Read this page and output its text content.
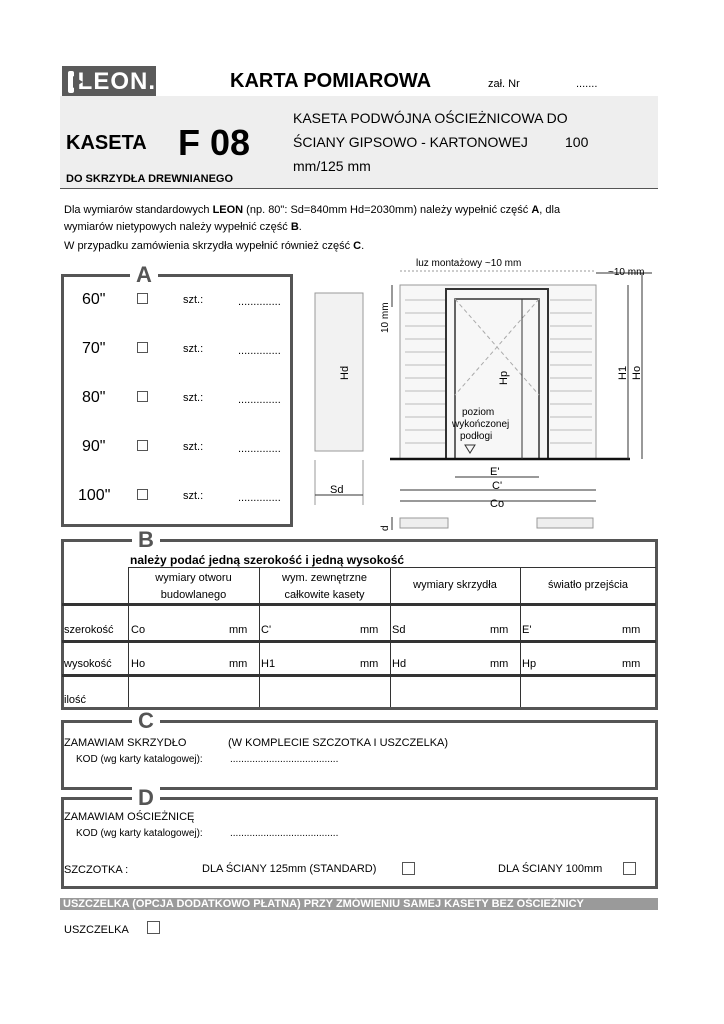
LEON.	KARTA POMIAROWA	zał. Nr	.......
KASETA F 08
DO SKRZYDŁA DREWNIANEGO
KASETA PODWÓJNA OŚCIEŻNICOWA DO
ŚCIANY GIPSOWO - KARTONOWEJ	100
mm/125 mm
Dla wymiarów standardowych LEON (np. 80": Sd=840mm Hd=2030mm) należy wypełnić część A, dla
wymiarów nietypowych należy wypełnić część B.
W przypadku zamówienia skrzydła wypełnić również część C.
A
60"	szt.:	..............
70"	szt.:	..............
80"	szt.:	..............
90"	szt.:	..............
100"	szt.:	..............
Sd
Hd
poziom
wykończonej
podłogi
luz montażowy ~10 mm
~10 mm
10 mm
Hp	H1 Ho
E'
C'
Co
d
B
należy podać jedną szerokość i jedną wysokość
wymiary otworu
budowlanego
wym. zewnętrzne
całkowite kasety
wymiary skrzydła	światło przejścia
szerokość Co	mm C'	mm Sd	mm E'	mm
wysokość Ho	mm H1	mm Hd	mm Hp	mm
ilość
C
ZAMAWIAM SKRZYDŁO	(W KOMPLECIE SZCZOTKA I USZCZELKA)
KOD (wg karty katalogowej):	.......................................
D
ZAMAWIAM OŚCIEŻNICĘ
KOD (wg karty katalogowej):	.......................................
SZCZOTKA :	DLA ŚCIANY 125mm (STANDARD)	DLA ŚCIANY 100mm
USZCZELKA (OPCJA DODATKOWO PŁATNA) PRZY ZMÓWIENIU SAMEJ KASETY BEZ OŚCIEŻNICY
USZCZELKA
